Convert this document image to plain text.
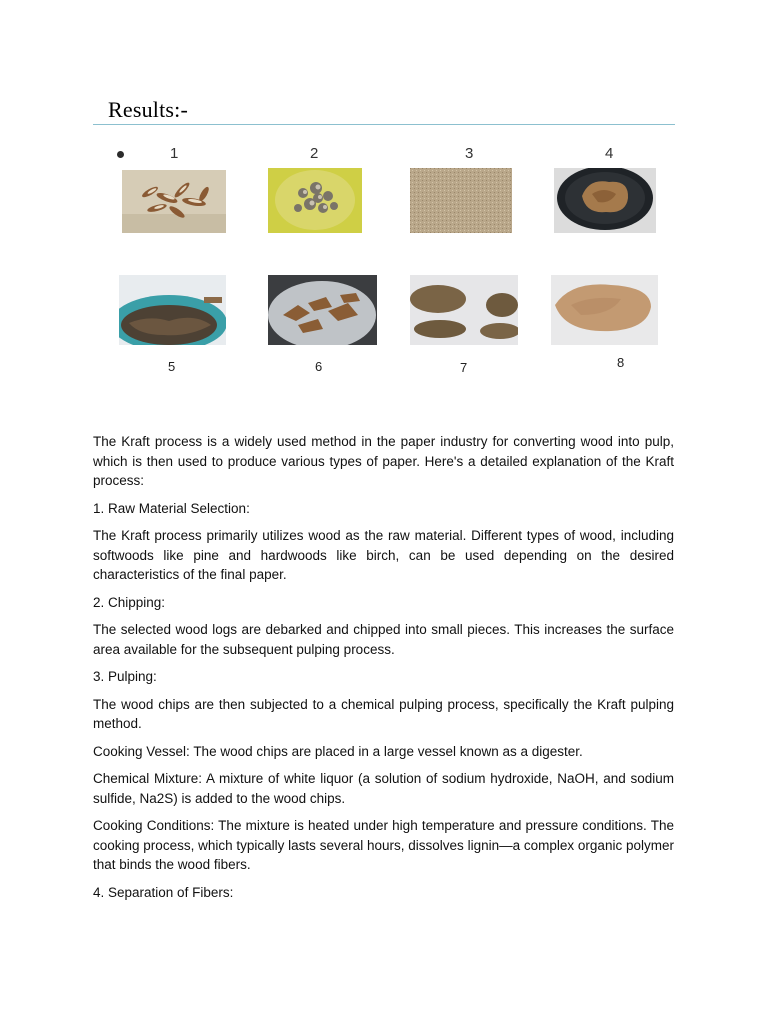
Results:-
1	2	3	4
5	6	7	8

The Kraft process is a widely used method in the paper industry for converting wood into pulp, which is then used to produce various types of paper. Here's a detailed explanation of the Kraft process:

1. Raw Material Selection:

The Kraft process primarily utilizes wood as the raw material. Different types of wood, including softwoods like pine and hardwoods like birch, can be used depending on the desired characteristics of the final paper.

2. Chipping:

The selected wood logs are debarked and chipped into small pieces. This increases the surface area available for the subsequent pulping process.

3. Pulping:

The wood chips are then subjected to a chemical pulping process, specifically the Kraft pulping method.

Cooking Vessel: The wood chips are placed in a large vessel known as a digester.

Chemical Mixture: A mixture of white liquor (a solution of sodium hydroxide, NaOH, and sodium sulfide, Na2S) is added to the wood chips.

Cooking Conditions: The mixture is heated under high temperature and pressure conditions. The cooking process, which typically lasts several hours, dissolves lignin—a complex organic polymer that binds the wood fibers.

4. Separation of Fibers:
